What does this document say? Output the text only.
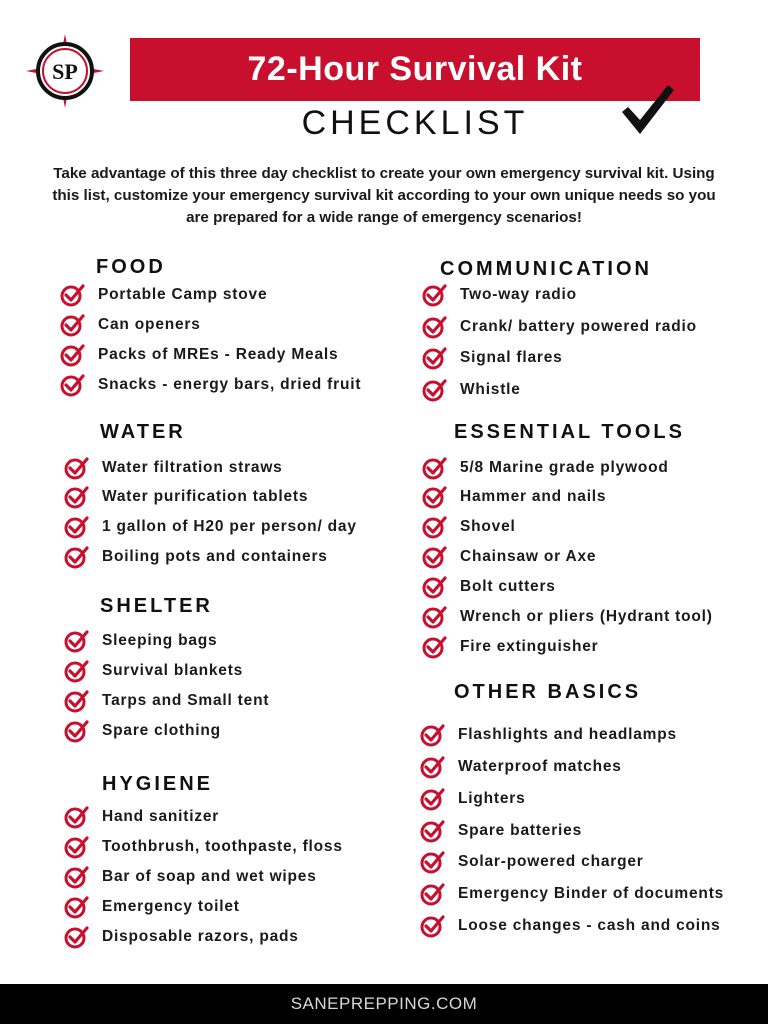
SP	72-Hour Survival Kit
CHECKLIST
Take advantage of this three day checklist to create your own emergency survival kit. Using this list, customize your emergency survival kit according to your own unique needs so you are prepared for a wide range of emergency scenarios!
FOOD
WATER
SHELTER
HYGIENE
COMMUNICATION
ESSENTIAL TOOLS
OTHER BASICS
Portable Camp stove
Can openers
Packs of MREs - Ready Meals
Snacks - energy bars, dried fruit
Water filtration straws
Water purification tablets
1 gallon of H20 per person/ day
Boiling pots and containers
Sleeping bags
Survival blankets
Tarps and Small tent
Spare clothing
Hand sanitizer
Toothbrush, toothpaste, floss
Bar of soap and wet wipes
Emergency toilet
Disposable razors, pads
Two-way radio
Crank/ battery powered radio
Signal flares
Whistle
5/8 Marine grade plywood
Hammer and nails
Shovel
Chainsaw or Axe
Bolt cutters
Wrench or pliers (Hydrant tool)
Fire extinguisher
Flashlights and headlamps
Waterproof matches
Lighters
Spare batteries
Solar-powered charger
Emergency Binder of documents
Loose changes - cash and coins
SANEPREPPING.COM
